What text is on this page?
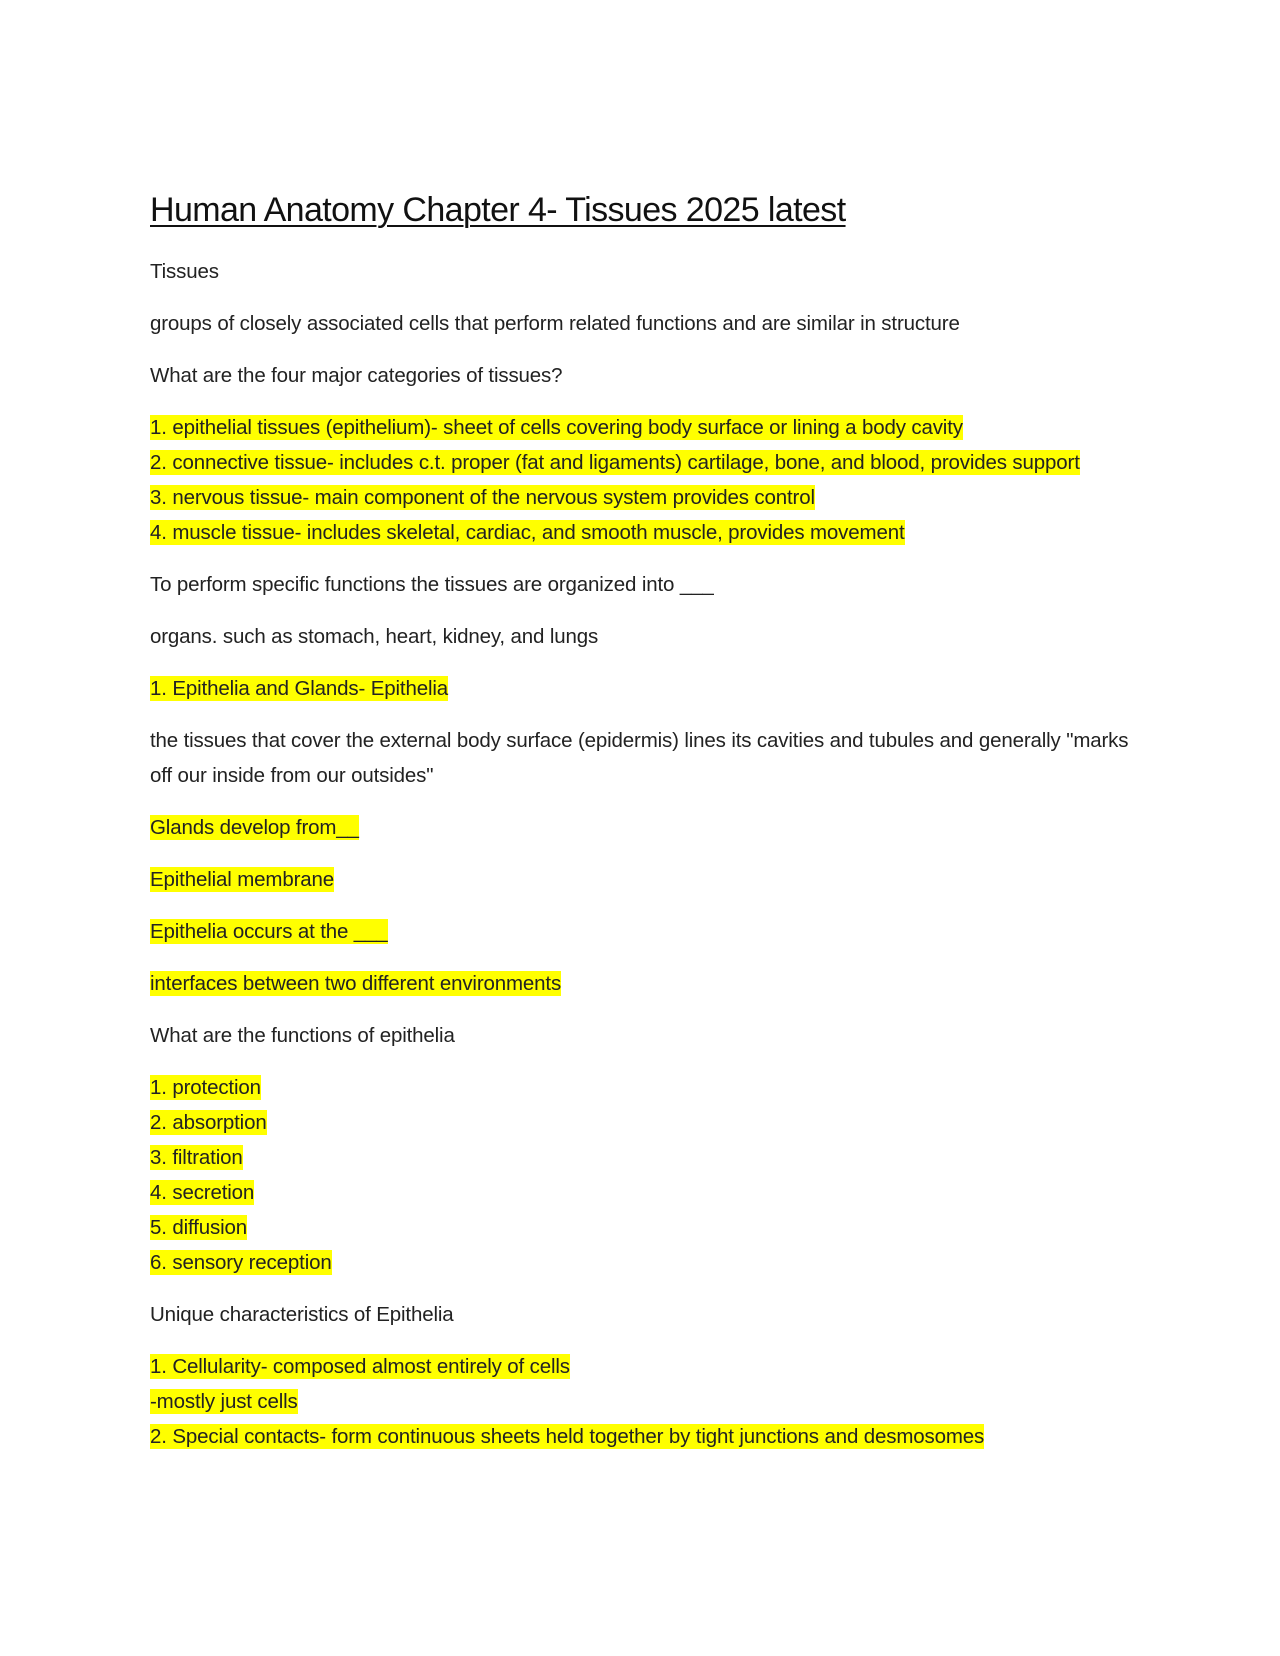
Human Anatomy Chapter 4- Tissues 2025 latest

Tissues

groups of closely associated cells that perform related functions and are similar in structure

What are the four major categories of tissues?

1. epithelial tissues (epithelium)- sheet of cells covering body surface or lining a body cavity

2. connective tissue- includes c.t. proper (fat and ligaments) cartilage, bone, and blood, provides support

3. nervous tissue- main component of the nervous system provides control

4. muscle tissue- includes skeletal, cardiac, and smooth muscle, provides movement

To perform specific functions the tissues are organized into ___

organs. such as stomach, heart, kidney, and lungs

1. Epithelia and Glands- Epithelia

the tissues that cover the external body surface (epidermis) lines its cavities and tubules and generally "marks off our inside from our outsides"

Glands develop from__

Epithelial membrane

Epithelia occurs at the ___

interfaces between two different environments

What are the functions of epithelia

1. protection

2. absorption

3. filtration

4. secretion

5. diffusion

6. sensory reception

Unique characteristics of Epithelia

1. Cellularity- composed almost entirely of cells

-mostly just cells

2. Special contacts- form continuous sheets held together by tight junctions and desmosomes
